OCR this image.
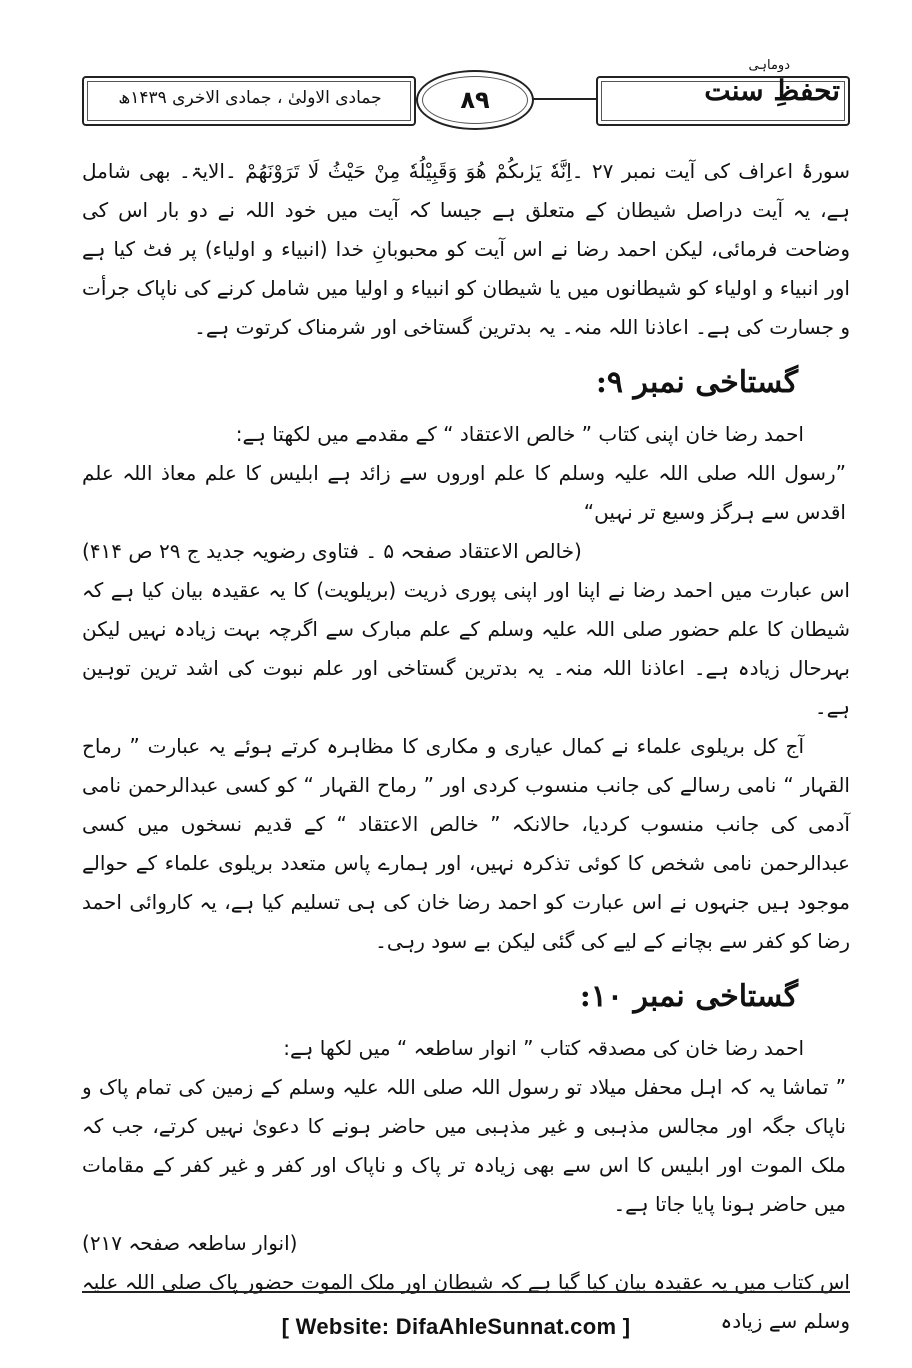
جمادی الاولیٰ ، جمادی الاخری ۱۴۳۹ھ
دوماہی
تحفظِ سنت
۸۹

سورۂ اعراف کی آیت نمبر ۲۷ ۔اِنَّهٗ يَرٰىكُمْ هُوَ وَقَبِيْلُهٗ مِنْ حَيْثُ لَا تَرَوْنَهُمْ ۔الایۃ۔ بھی شامل ہے، یہ آیت دراصل شیطان کے متعلق ہے جیسا کہ آیت میں خود اللہ نے دو بار اس کی وضاحت فرمائی، لیکن احمد رضا نے اس آیت کو محبوبانِ خدا (انبیاء و اولیاء) پر فٹ کیا ہے اور انبیاء و اولیاء کو شیطانوں میں یا شیطان کو انبیاء و اولیا میں شامل کرنے کی ناپاک جرأت و جسارت کی ہے۔ اعاذنا اللہ منہ۔ یہ بدترین گستاخی اور شرمناک کرتوت ہے۔

گستاخی نمبر ۹:

احمد رضا خان اپنی کتاب ” خالص الاعتقاد “ کے مقدمے میں لکھتا ہے:

”رسول اللہ صلی اللہ علیہ وسلم کا علم اوروں سے زائد ہے ابلیس کا علم معاذ اللہ علم اقدس سے ہرگز وسیع تر نہیں“

(خالص الاعتقاد صفحہ ۵ ۔ فتاوی رضویہ جدید ج ۲۹ ص ۴۱۴)

اس عبارت میں احمد رضا نے اپنا اور اپنی پوری ذریت (بریلویت) کا یہ عقیدہ بیان کیا ہے کہ شیطان کا علم حضور صلی اللہ علیہ وسلم کے علم مبارک سے اگرچہ بہت زیادہ نہیں لیکن بہرحال زیادہ ہے۔ اعاذنا اللہ منہ۔ یہ بدترین گستاخی اور علم نبوت کی اشد ترین توہین ہے۔

آج کل بریلوی علماء نے کمال عیاری و مکاری کا مظاہرہ کرتے ہوئے یہ عبارت ” رماح القہار “ نامی رسالے کی جانب منسوب کردی اور ” رماح القہار “ کو کسی عبدالرحمن نامی آدمی کی جانب منسوب کردیا، حالانکہ ” خالص الاعتقاد “ کے قدیم نسخوں میں کسی عبدالرحمن نامی شخص کا کوئی تذکرہ نہیں، اور ہمارے پاس متعدد بریلوی علماء کے حوالے موجود ہیں جنہوں نے اس عبارت کو احمد رضا خان کی ہی تسلیم کیا ہے، یہ کاروائی احمد رضا کو کفر سے بچانے کے لیے کی گئی لیکن بے سود رہی۔

گستاخی نمبر ۱۰:

احمد رضا خان کی مصدقہ کتاب ” انوار ساطعہ “ میں لکھا ہے:

” تماشا یہ کہ اہل محفل میلاد تو رسول اللہ صلی اللہ علیہ وسلم کے زمین کی تمام پاک و ناپاک جگہ اور مجالس مذہبی و غیر مذہبی میں حاضر ہونے کا دعویٰ نہیں کرتے، جب کہ ملک الموت اور ابلیس کا اس سے بھی زیادہ تر پاک و ناپاک اور کفر و غیر کفر کے مقامات میں حاضر ہونا پایا جاتا ہے۔

(انوار ساطعہ صفحہ ۲۱۷)

اس کتاب میں یہ عقیدہ بیان کیا گیا ہے کہ شیطان اور ملک الموت حضور پاک صلی اللہ علیہ وسلم سے زیادہ

[ Website: DifaAhleSunnat.com ]
